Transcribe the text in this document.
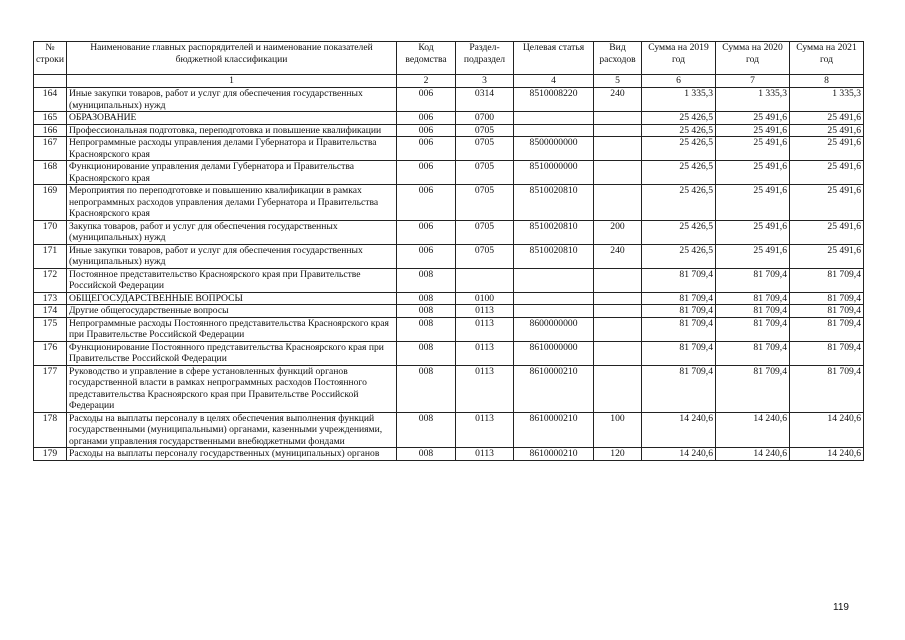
№ строки	Наименование главных распорядителей и наименование показателей бюджетной классификации	Код ведомства	Раздел-подраздел	Целевая статья	Вид расходов	Сумма на 2019 год	Сумма на 2020 год	Сумма на 2021 год
	1	2	3	4	5	6	7	8
164	Иные закупки товаров, работ и услуг для обеспечения государственных (муниципальных) нужд	006	0314	8510008220	240	1 335,3	1 335,3	1 335,3
165	ОБРАЗОВАНИЕ	006	0700			25 426,5	25 491,6	25 491,6
166	Профессиональная подготовка, переподготовка и повышение квалификации	006	0705			25 426,5	25 491,6	25 491,6
167	Непрограммные расходы управления делами Губернатора и Правительства Красноярского края	006	0705	8500000000		25 426,5	25 491,6	25 491,6
168	Функционирование управления делами Губернатора и Правительства Красноярского края	006	0705	8510000000		25 426,5	25 491,6	25 491,6
169	Мероприятия по переподготовке и повышению квалификации в рамках непрограммных расходов управления делами Губернатора и Правительства Красноярского края	006	0705	8510020810		25 426,5	25 491,6	25 491,6
170	Закупка товаров, работ и услуг для обеспечения государственных (муниципальных) нужд	006	0705	8510020810	200	25 426,5	25 491,6	25 491,6
171	Иные закупки товаров, работ и услуг для обеспечения государственных (муниципальных) нужд	006	0705	8510020810	240	25 426,5	25 491,6	25 491,6
172	Постоянное представительство Красноярского края при Правительстве Российской Федерации	008				81 709,4	81 709,4	81 709,4
173	ОБЩЕГОСУДАРСТВЕННЫЕ ВОПРОСЫ	008	0100			81 709,4	81 709,4	81 709,4
174	Другие общегосударственные вопросы	008	0113			81 709,4	81 709,4	81 709,4
175	Непрограммные расходы Постоянного представительства Красноярского края при Правительстве Российской Федерации	008	0113	8600000000		81 709,4	81 709,4	81 709,4
176	Функционирование Постоянного представительства Красноярского края при Правительстве Российской Федерации	008	0113	8610000000		81 709,4	81 709,4	81 709,4
177	Руководство и управление в сфере установленных функций органов государственной власти в рамках непрограммных расходов Постоянного представительства Красноярского края при Правительстве Российской Федерации	008	0113	8610000210		81 709,4	81 709,4	81 709,4
178	Расходы на выплаты персоналу в целях обеспечения выполнения функций государственными (муниципальными) органами, казенными учреждениями, органами управления государственными внебюджетными фондами	008	0113	8610000210	100	14 240,6	14 240,6	14 240,6
179	Расходы на выплаты персоналу государственных (муниципальных) органов	008	0113	8610000210	120	14 240,6	14 240,6	14 240,6
119
